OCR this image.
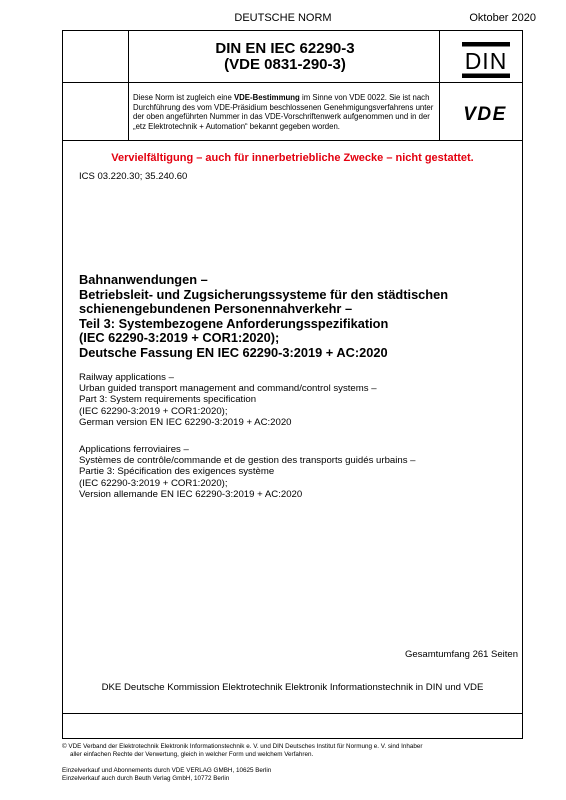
DEUTSCHE NORM	Oktober 2020
DIN EN IEC 62290-3
(VDE 0831-290-3)	DIN
VDE
Diese Norm ist zugleich eine VDE-Bestimmung im Sinne von VDE 0022. Sie ist nach Durchführung des vom VDE-Präsidium beschlossenen Genehmigungsverfahrens unter der oben angeführten Nummer in das VDE-Vorschriftenwerk aufgenommen und in der „etz Elektrotechnik + Automation“ bekannt gegeben worden.
Vervielfältigung – auch für innerbetriebliche Zwecke – nicht gestattet.
ICS 03.220.30; 35.240.60
Bahnanwendungen –
Betriebsleit- und Zugsicherungssysteme für den städtischen
schienengebundenen Personennahverkehr –
Teil 3: Systembezogene Anforderungsspezifikation
(IEC 62290-3:2019 + COR1:2020);
Deutsche Fassung EN IEC 62290-3:2019 + AC:2020
Railway applications –
Urban guided transport management and command/control systems –
Part 3: System requirements specification
(IEC 62290-3:2019 + COR1:2020);
German version EN IEC 62290-3:2019 + AC:2020
Applications ferroviaires –
Systèmes de contrôle/commande et de gestion des transports guidés urbains –
Partie 3: Spécification des exigences système
(IEC 62290-3:2019 + COR1:2020);
Version allemande EN IEC 62290-3:2019 + AC:2020
Gesamtumfang 261 Seiten
DKE Deutsche Kommission Elektrotechnik Elektronik Informationstechnik in DIN und VDE
© VDE Verband der Elektrotechnik Elektronik Informationstechnik e. V. und DIN Deutsches Institut für Normung e. V. sind Inhaber
aller einfachen Rechte der Verwertung, gleich in welcher Form und welchem Verfahren.
Einzelverkauf und Abonnements durch VDE VERLAG GMBH, 10625 Berlin
Einzelverkauf auch durch Beuth Verlag GmbH, 10772 Berlin
